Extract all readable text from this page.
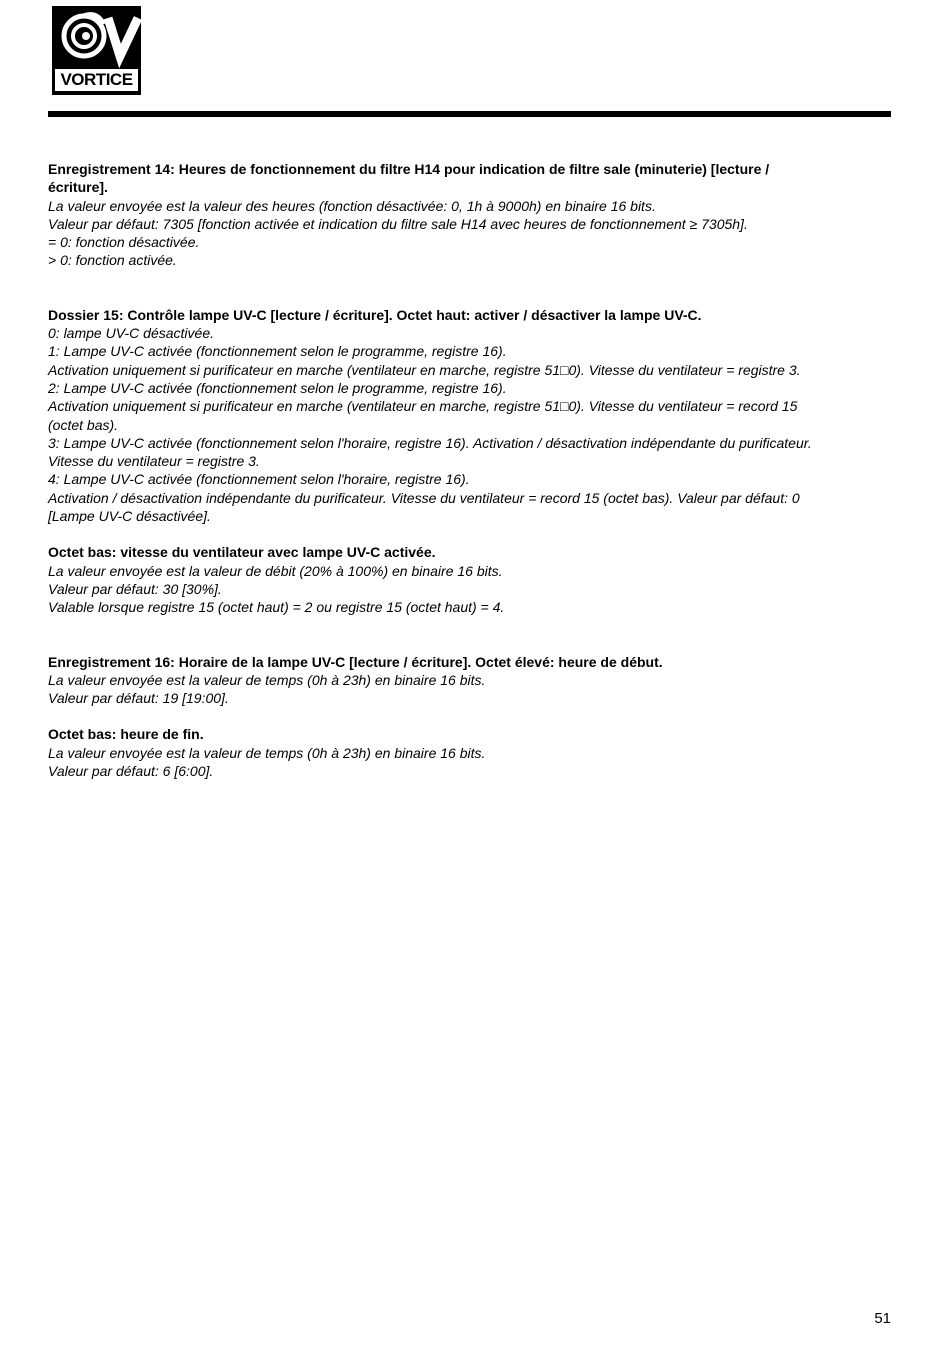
VORTICE
Enregistrement 14: Heures de fonctionnement du filtre H14 pour indication de filtre sale (minuterie) [lecture / écriture].
La valeur envoyée est la valeur des heures (fonction désactivée: 0, 1h à 9000h) en binaire 16 bits.
Valeur par défaut: 7305 [fonction activée et indication du filtre sale H14 avec heures de fonctionnement ≥ 7305h].
= 0: fonction désactivée.
> 0: fonction activée.
Dossier 15: Contrôle lampe UV-C [lecture / écriture]. Octet haut: activer / désactiver la lampe UV-C.
0: lampe UV-C désactivée.
1: Lampe UV-C activée (fonctionnement selon le programme, registre 16).
Activation uniquement si purificateur en marche (ventilateur en marche, registre 51□0). Vitesse du ventilateur = registre 3.
2: Lampe UV-C activée (fonctionnement selon le programme, registre 16).
Activation uniquement si purificateur en marche (ventilateur en marche, registre 51□0). Vitesse du ventilateur = record 15 (octet bas).
3: Lampe UV-C activée (fonctionnement selon l'horaire, registre 16). Activation / désactivation indépendante du purificateur. Vitesse du ventilateur = registre 3.
4: Lampe UV-C activée (fonctionnement selon l'horaire, registre 16).
Activation / désactivation indépendante du purificateur. Vitesse du ventilateur = record 15 (octet bas). Valeur par défaut: 0 [Lampe UV-C désactivée].
Octet bas: vitesse du ventilateur avec lampe UV-C activée.
La valeur envoyée est la valeur de débit (20% à 100%) en binaire 16 bits.
Valeur par défaut: 30 [30%].
Valable lorsque registre 15 (octet haut) = 2 ou registre 15 (octet haut) = 4.
Enregistrement 16: Horaire de la lampe UV-C [lecture / écriture]. Octet élevé: heure de début.
La valeur envoyée est la valeur de temps (0h à 23h) en binaire 16 bits.
Valeur par défaut: 19 [19:00].
Octet bas: heure de fin.
La valeur envoyée est la valeur de temps (0h à 23h) en binaire 16 bits.
Valeur par défaut: 6 [6:00].
51
